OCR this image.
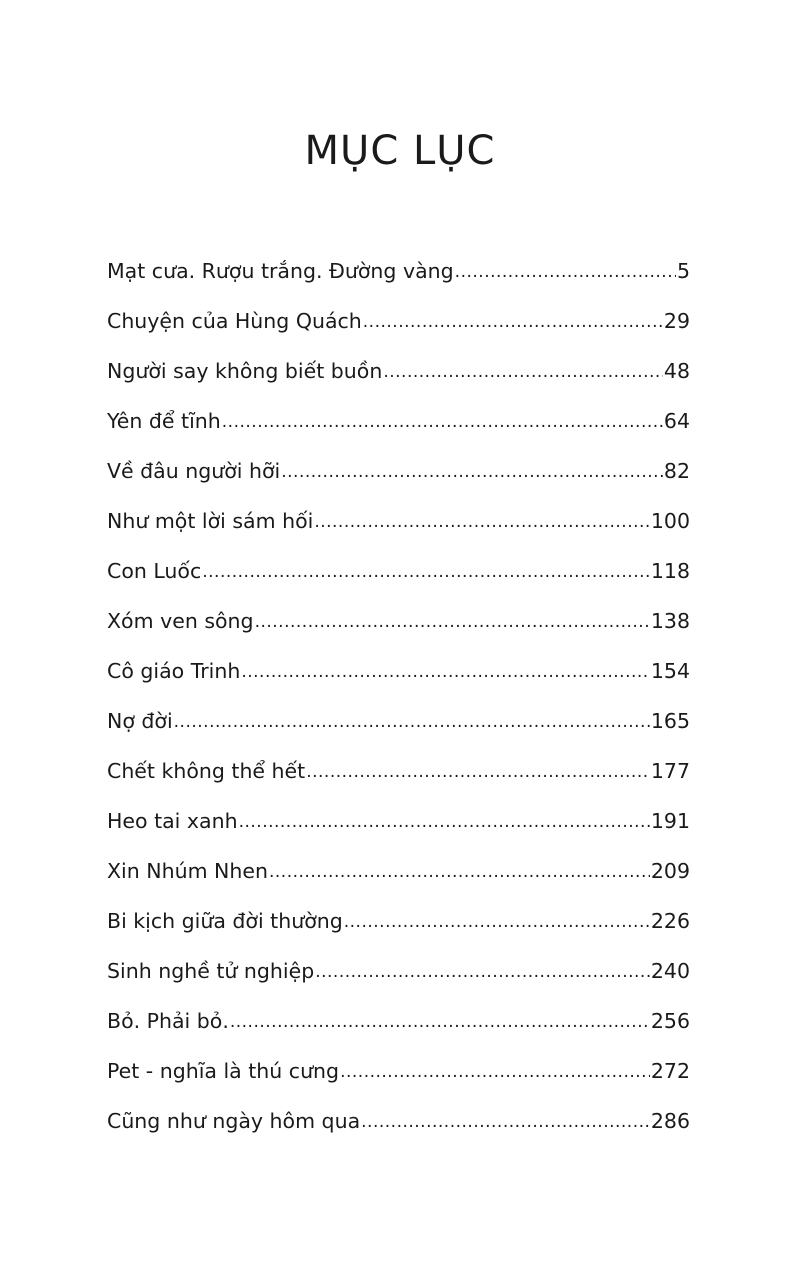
MỤC LỤC
Mạt cưa. Rượu trắng. Đường vàng .....	5
Chuyện của Hùng Quách .....	29
Người say không biết buồn .....	48
Yên để tĩnh .....	64
Về đâu người hỡi .....	82
Như một lời sám hối .....	100
Con Luốc .....	118
Xóm ven sông .....	138
Cô giáo Trinh .....	154
Nợ đời .....	165
Chết không thể hết .....	177
Heo tai xanh .....	191
Xin Nhúm Nhen .....	209
Bi kịch giữa đời thường .....	226
Sinh nghề tử nghiệp .....	240
Bỏ. Phải bỏ. .....	256
Pet - nghĩa là thú cưng .....	272
Cũng như ngày hôm qua .....	286
